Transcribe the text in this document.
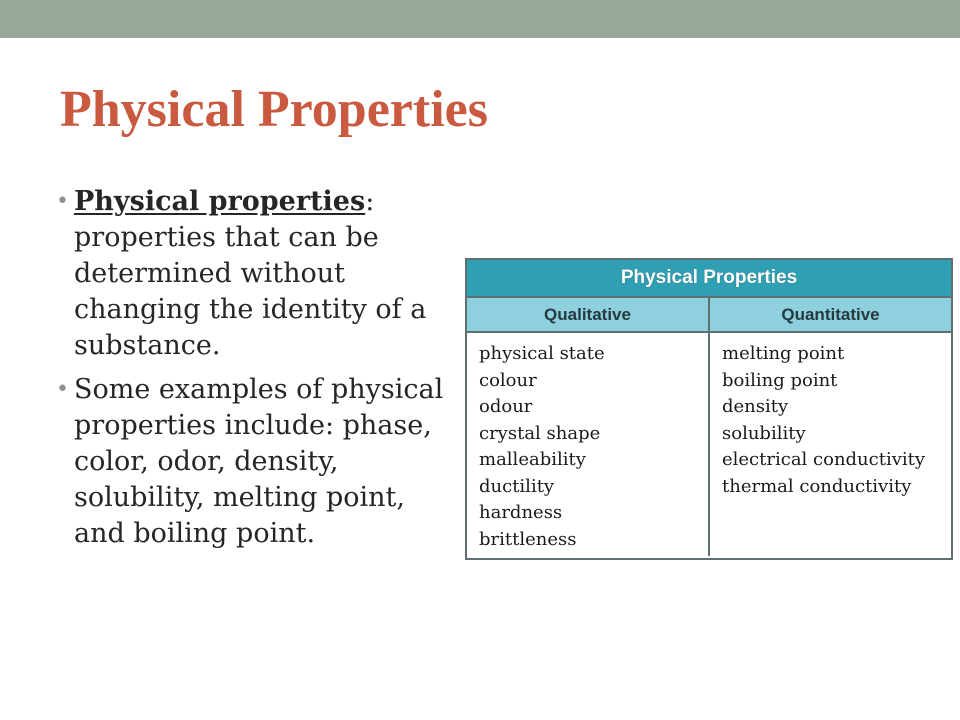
Physical Properties
• Physical properties: properties that can be determined without changing the identity of a substance.
• Some examples of physical properties include: phase, color, odor, density, solubility, melting point, and boiling point.
Physical Properties
Qualitative	Quantitative
physical state
colour
odour
crystal shape
malleability
ductility
hardness
brittleness
melting point
boiling point
density
solubility
electrical conductivity
thermal conductivity
